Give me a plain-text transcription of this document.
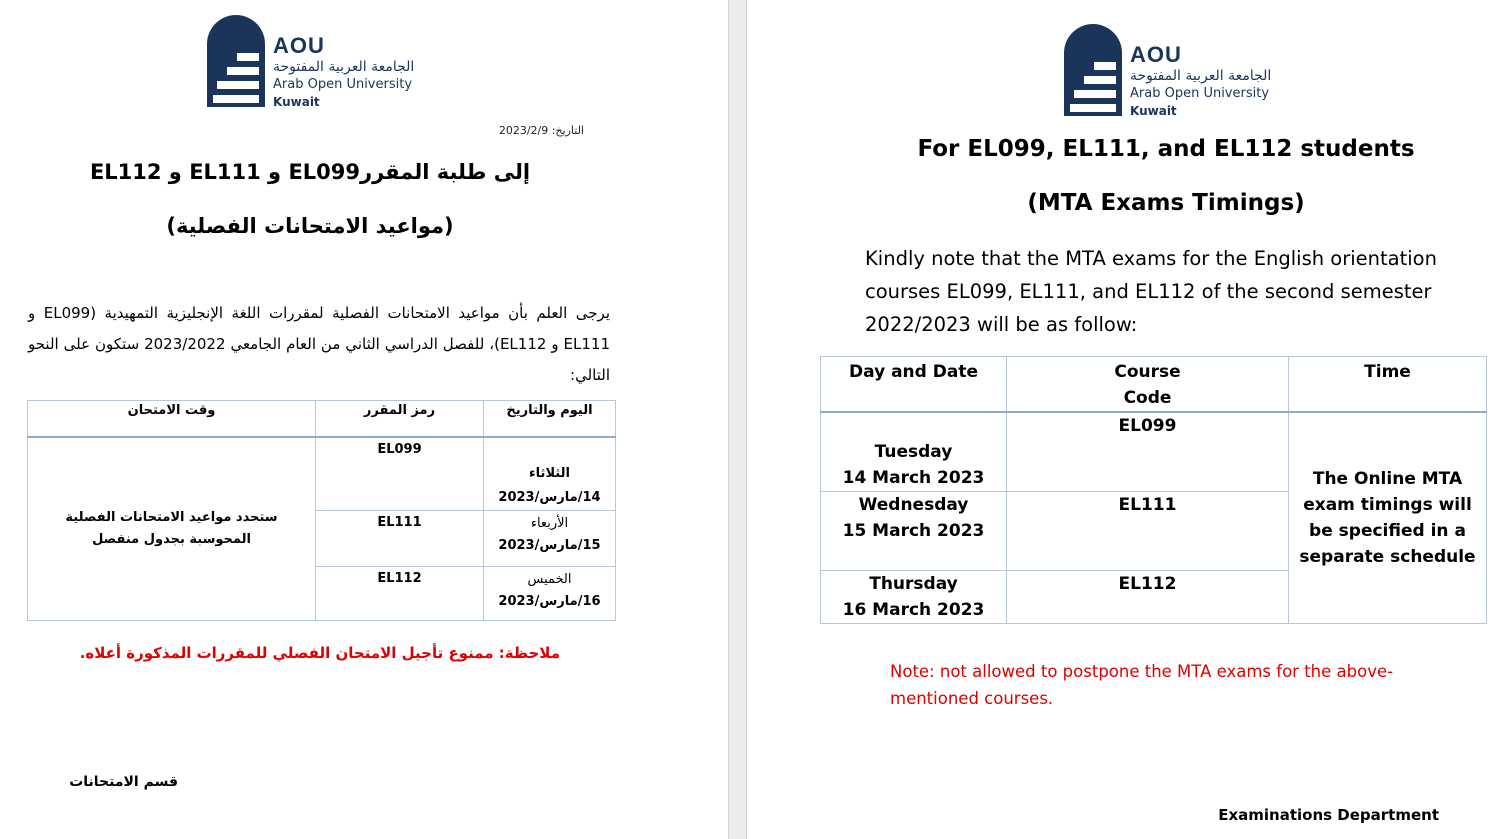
AOU
الجامعة العربية المفتوحة
Arab Open University
Kuwait
التاريخ: 2023/2/9
إلى طلبة المقررEL099 و EL111 و EL112
(مواعيد الامتحانات الفصلية)
يرجى العلم بأن مواعيد الامتحانات الفصلية لمقررات اللغة الإنجليزية التمهيدية (EL099 و EL111 و EL112)، للفصل الدراسي الثاني من العام الجامعي 2023/2022 ستكون على النحو التالي:
اليوم والتاريخ	رمز المقرر	وقت الامتحان

الثلاثاء
14/مارس/2023	EL099	ستحدد مواعيد الامتحانات الفصلية المحوسبة بجدول منفصل

الأربعاء
15/مارس/2023	EL111	

الخميس
16/مارس/2023	EL112	
ملاحظة: ممنوع تأجيل الامتحان الفصلي للمقررات المذكورة أعلاه.
قسم الامتحانات
AOU
الجامعة العربية المفتوحة
Arab Open University
Kuwait
For EL099, EL111, and EL112 students
(MTA Exams Timings)
Kindly note that the MTA exams for the English orientation courses EL099, EL111, and EL112 of the second semester 2022/2023 will be as follow:
Day and Date	Course Code	Time

Tuesday
14 March 2023	EL099	The Online MTA exam timings will be specified in a separate schedule

Wednesday
15 March 2023	EL111	

Thursday
16 March 2023	EL112	
Note: not allowed to postpone the MTA exams for the above-mentioned courses.
Examinations Department
